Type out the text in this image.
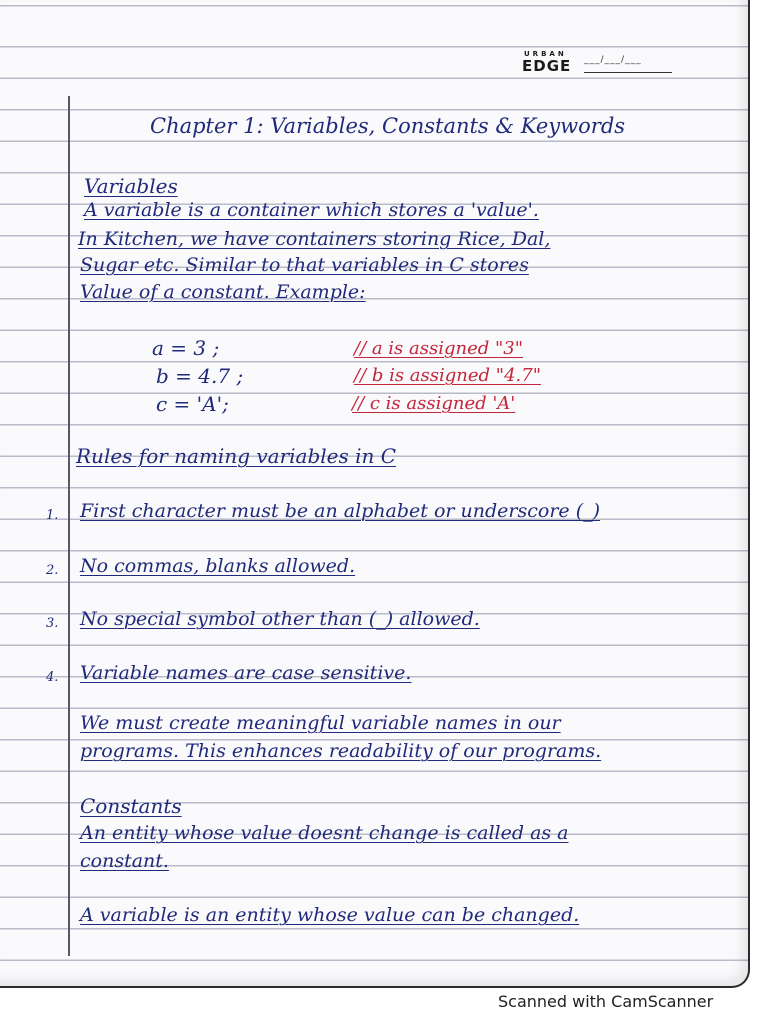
URBAN
EDGE ___/___/___
Chapter 1: Variables, Constants & Keywords
Variables
A variable is a container which stores a 'value'.
In Kitchen, we have containers storing Rice, Dal,
Sugar etc. Similar to that variables in C stores
Value of a constant. Example:
a = 3 ;	// a is assigned "3"
b = 4.7 ;	// b is assigned "4.7"
c = 'A';	// c is assigned 'A'
Rules for naming variables in C
1. First character must be an alphabet or underscore (_)
2. No commas, blanks allowed.
3. No special symbol other than (_) allowed.
4. Variable names are case sensitive.
We must create meaningful variable names in our
programs. This enhances readability of our programs.
Constants
An entity whose value doesnt change is called as a
constant.
A variable is an entity whose value can be changed.
Scanned with CamScanner
